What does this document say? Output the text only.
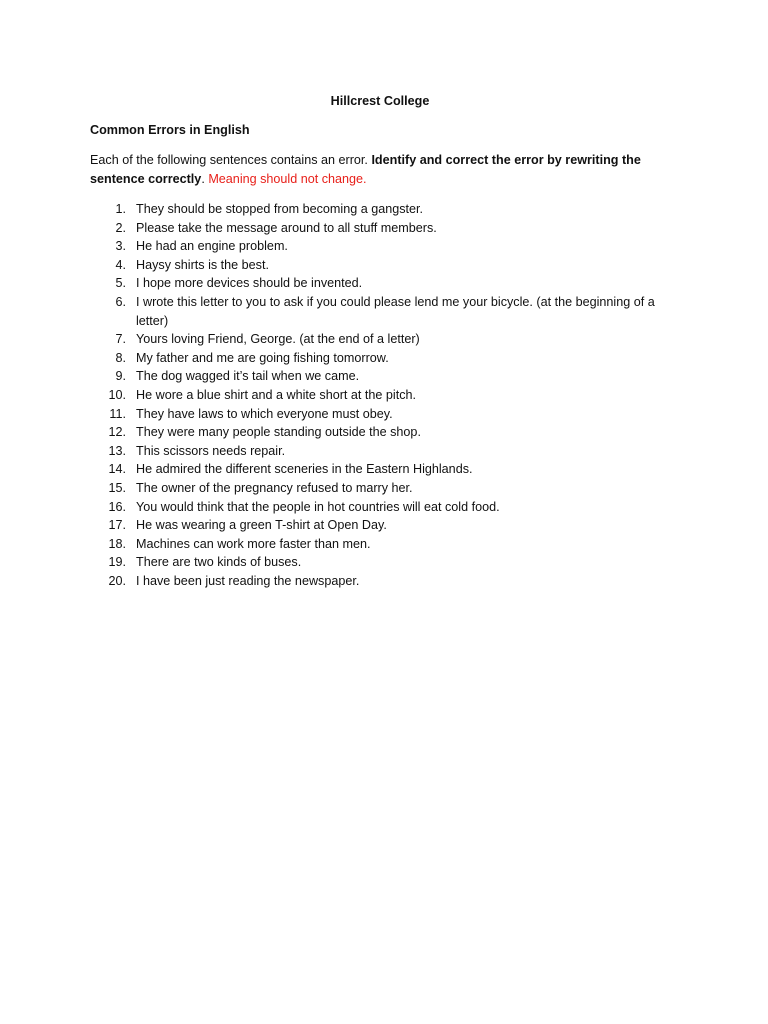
Hillcrest College
Common Errors in English

Each of the following sentences contains an error. Identify and correct the error by rewriting the sentence correctly. Meaning should not change.

1. They should be stopped from becoming a gangster.
2. Please take the message around to all stuff members.
3. He had an engine problem.
4. Haysy shirts is the best.
5. I hope more devices should be invented.
6. I wrote this letter to you to ask if you could please lend me your bicycle. (at the beginning of a letter)
7. Yours loving Friend, George. (at the end of a letter)
8. My father and me are going fishing tomorrow.
9. The dog wagged it’s tail when we came.
10. He wore a blue shirt and a white short at the pitch.
11. They have laws to which everyone must obey.
12. They were many people standing outside the shop.
13. This scissors needs repair.
14. He admired the different sceneries in the Eastern Highlands.
15. The owner of the pregnancy refused to marry her.
16. You would think that the people in hot countries will eat cold food.
17. He was wearing a green T-shirt at Open Day.
18. Machines can work more faster than men.
19. There are two kinds of buses.
20. I have been just reading the newspaper.
